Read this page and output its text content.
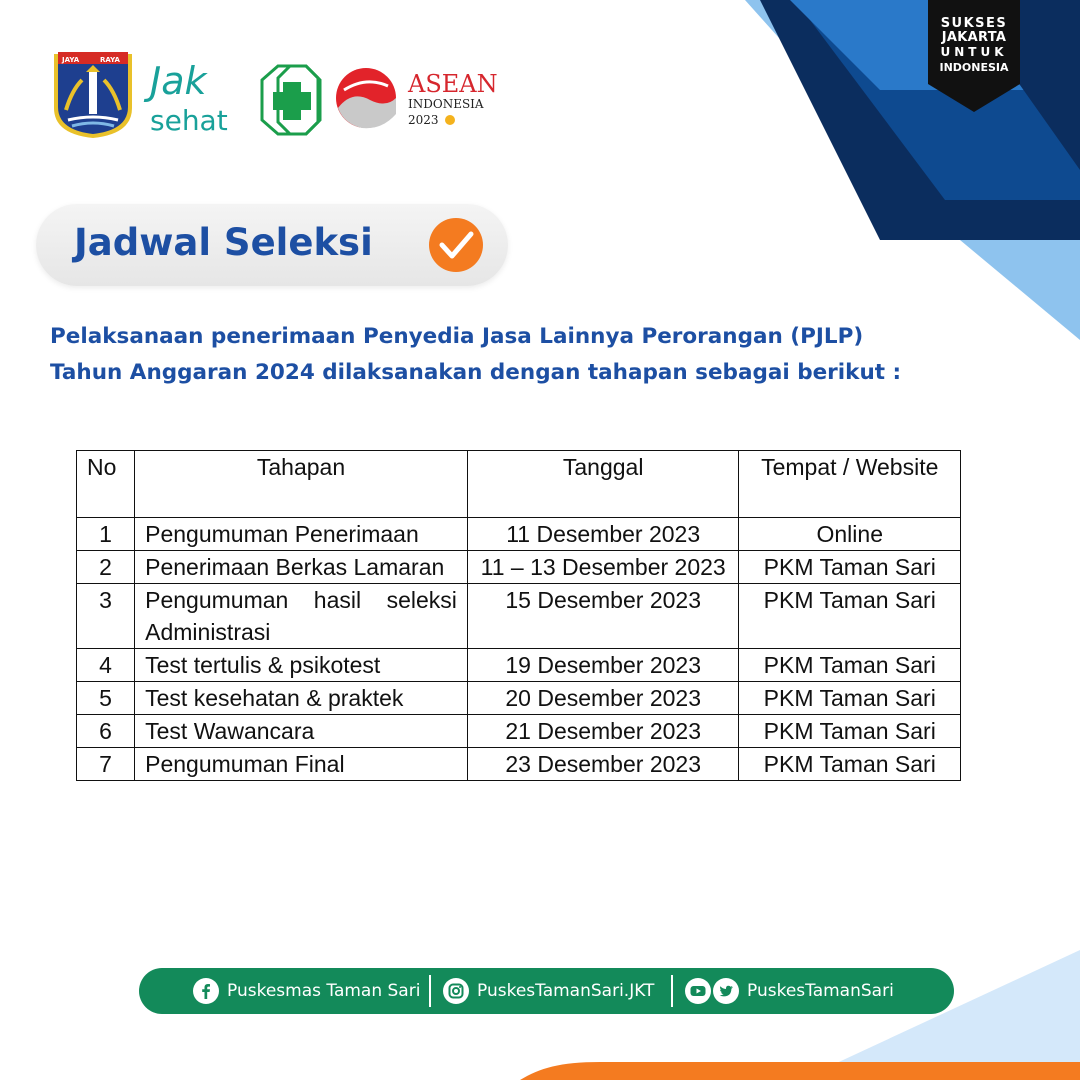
SUKSES
JAKARTA
UNTUK
INDONESIA
JAYA	RAYA Jak
sehat
ASEAN
INDONESIA
2023
Jadwal Seleksi
Pelaksanaan penerimaan Penyedia Jasa Lainnya Perorangan (PJLP)
Tahun Anggaran 2024 dilaksanakan dengan tahapan sebagai berikut :
No	Tahapan	Tanggal	Tempat / Website
1	Pengumuman Penerimaan	11 Desember 2023	Online
2	Penerimaan Berkas Lamaran	11 – 13 Desember 2023	PKM Taman Sari
3	Pengumuman hasil seleksi Administrasi	15 Desember 2023	PKM Taman Sari
4	Test tertulis & psikotest	19 Desember 2023	PKM Taman Sari
5	Test kesehatan & praktek	20 Desember 2023	PKM Taman Sari
6	Test Wawancara	21 Desember 2023	PKM Taman Sari
7	Pengumuman Final	23 Desember 2023	PKM Taman Sari
Puskesmas Taman Sari	PuskesTamanSari.JKT	PuskesTamanSari
